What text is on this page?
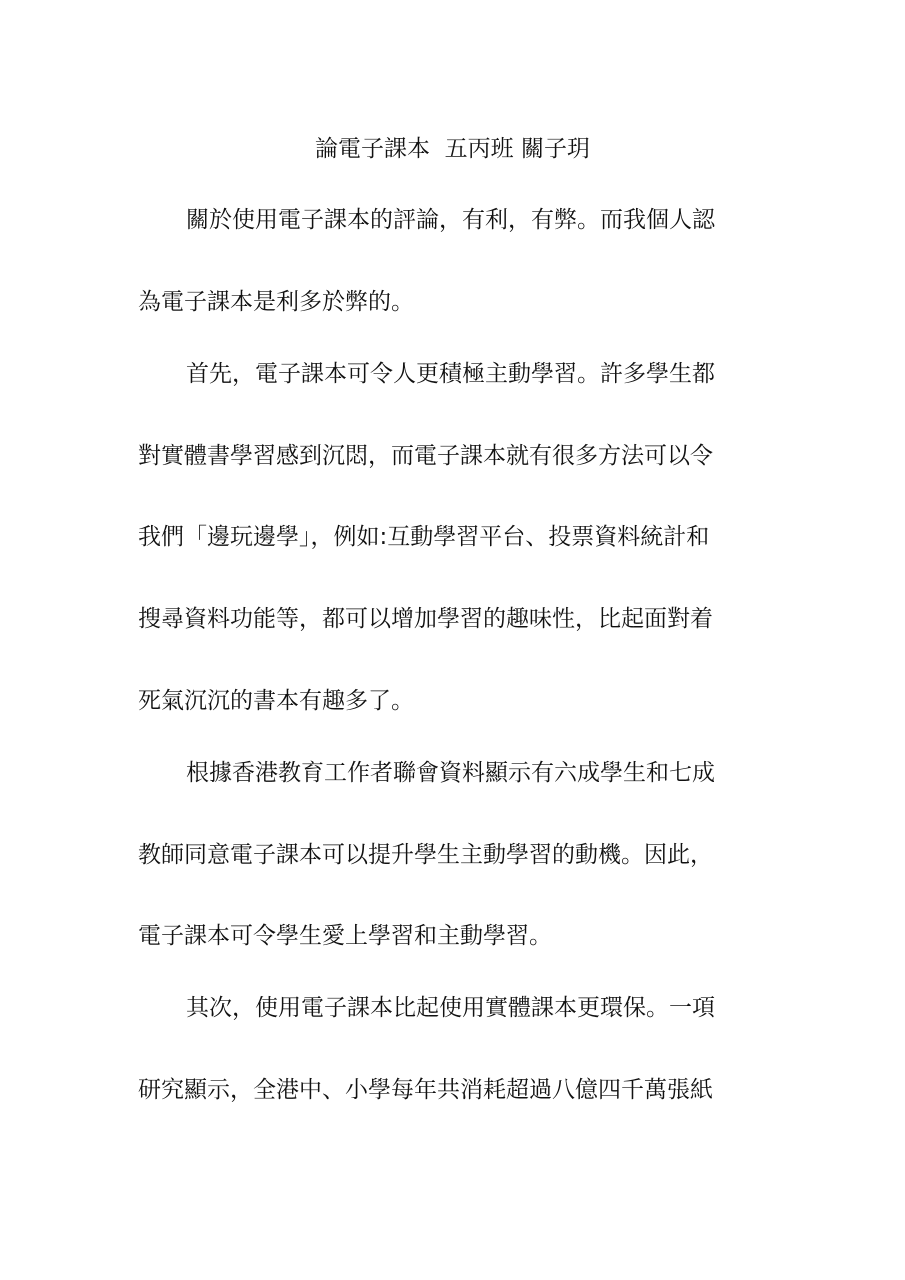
論電子課本  五丙班 關子玥
關於使用電子課本的評論，有利，有弊。而我個人認
為電子課本是利多於弊的。
首先，電子課本可令人更積極主動學習。許多學生都
對實體書學習感到沉悶，而電子課本就有很多方法可以令
我們「邊玩邊學」，例如:互動學習平台、投票資料統計和
搜尋資料功能等，都可以增加學習的趣味性，比起面對着
死氣沉沉的書本有趣多了。
根據香港教育工作者聯會資料顯示有六成學生和七成
教師同意電子課本可以提升學生主動學習的動機。因此，
電子課本可令學生愛上學習和主動學習。
其次，使用電子課本比起使用實體課本更環保。一項
研究顯示，全港中、小學每年共消耗超過八億四千萬張紙
